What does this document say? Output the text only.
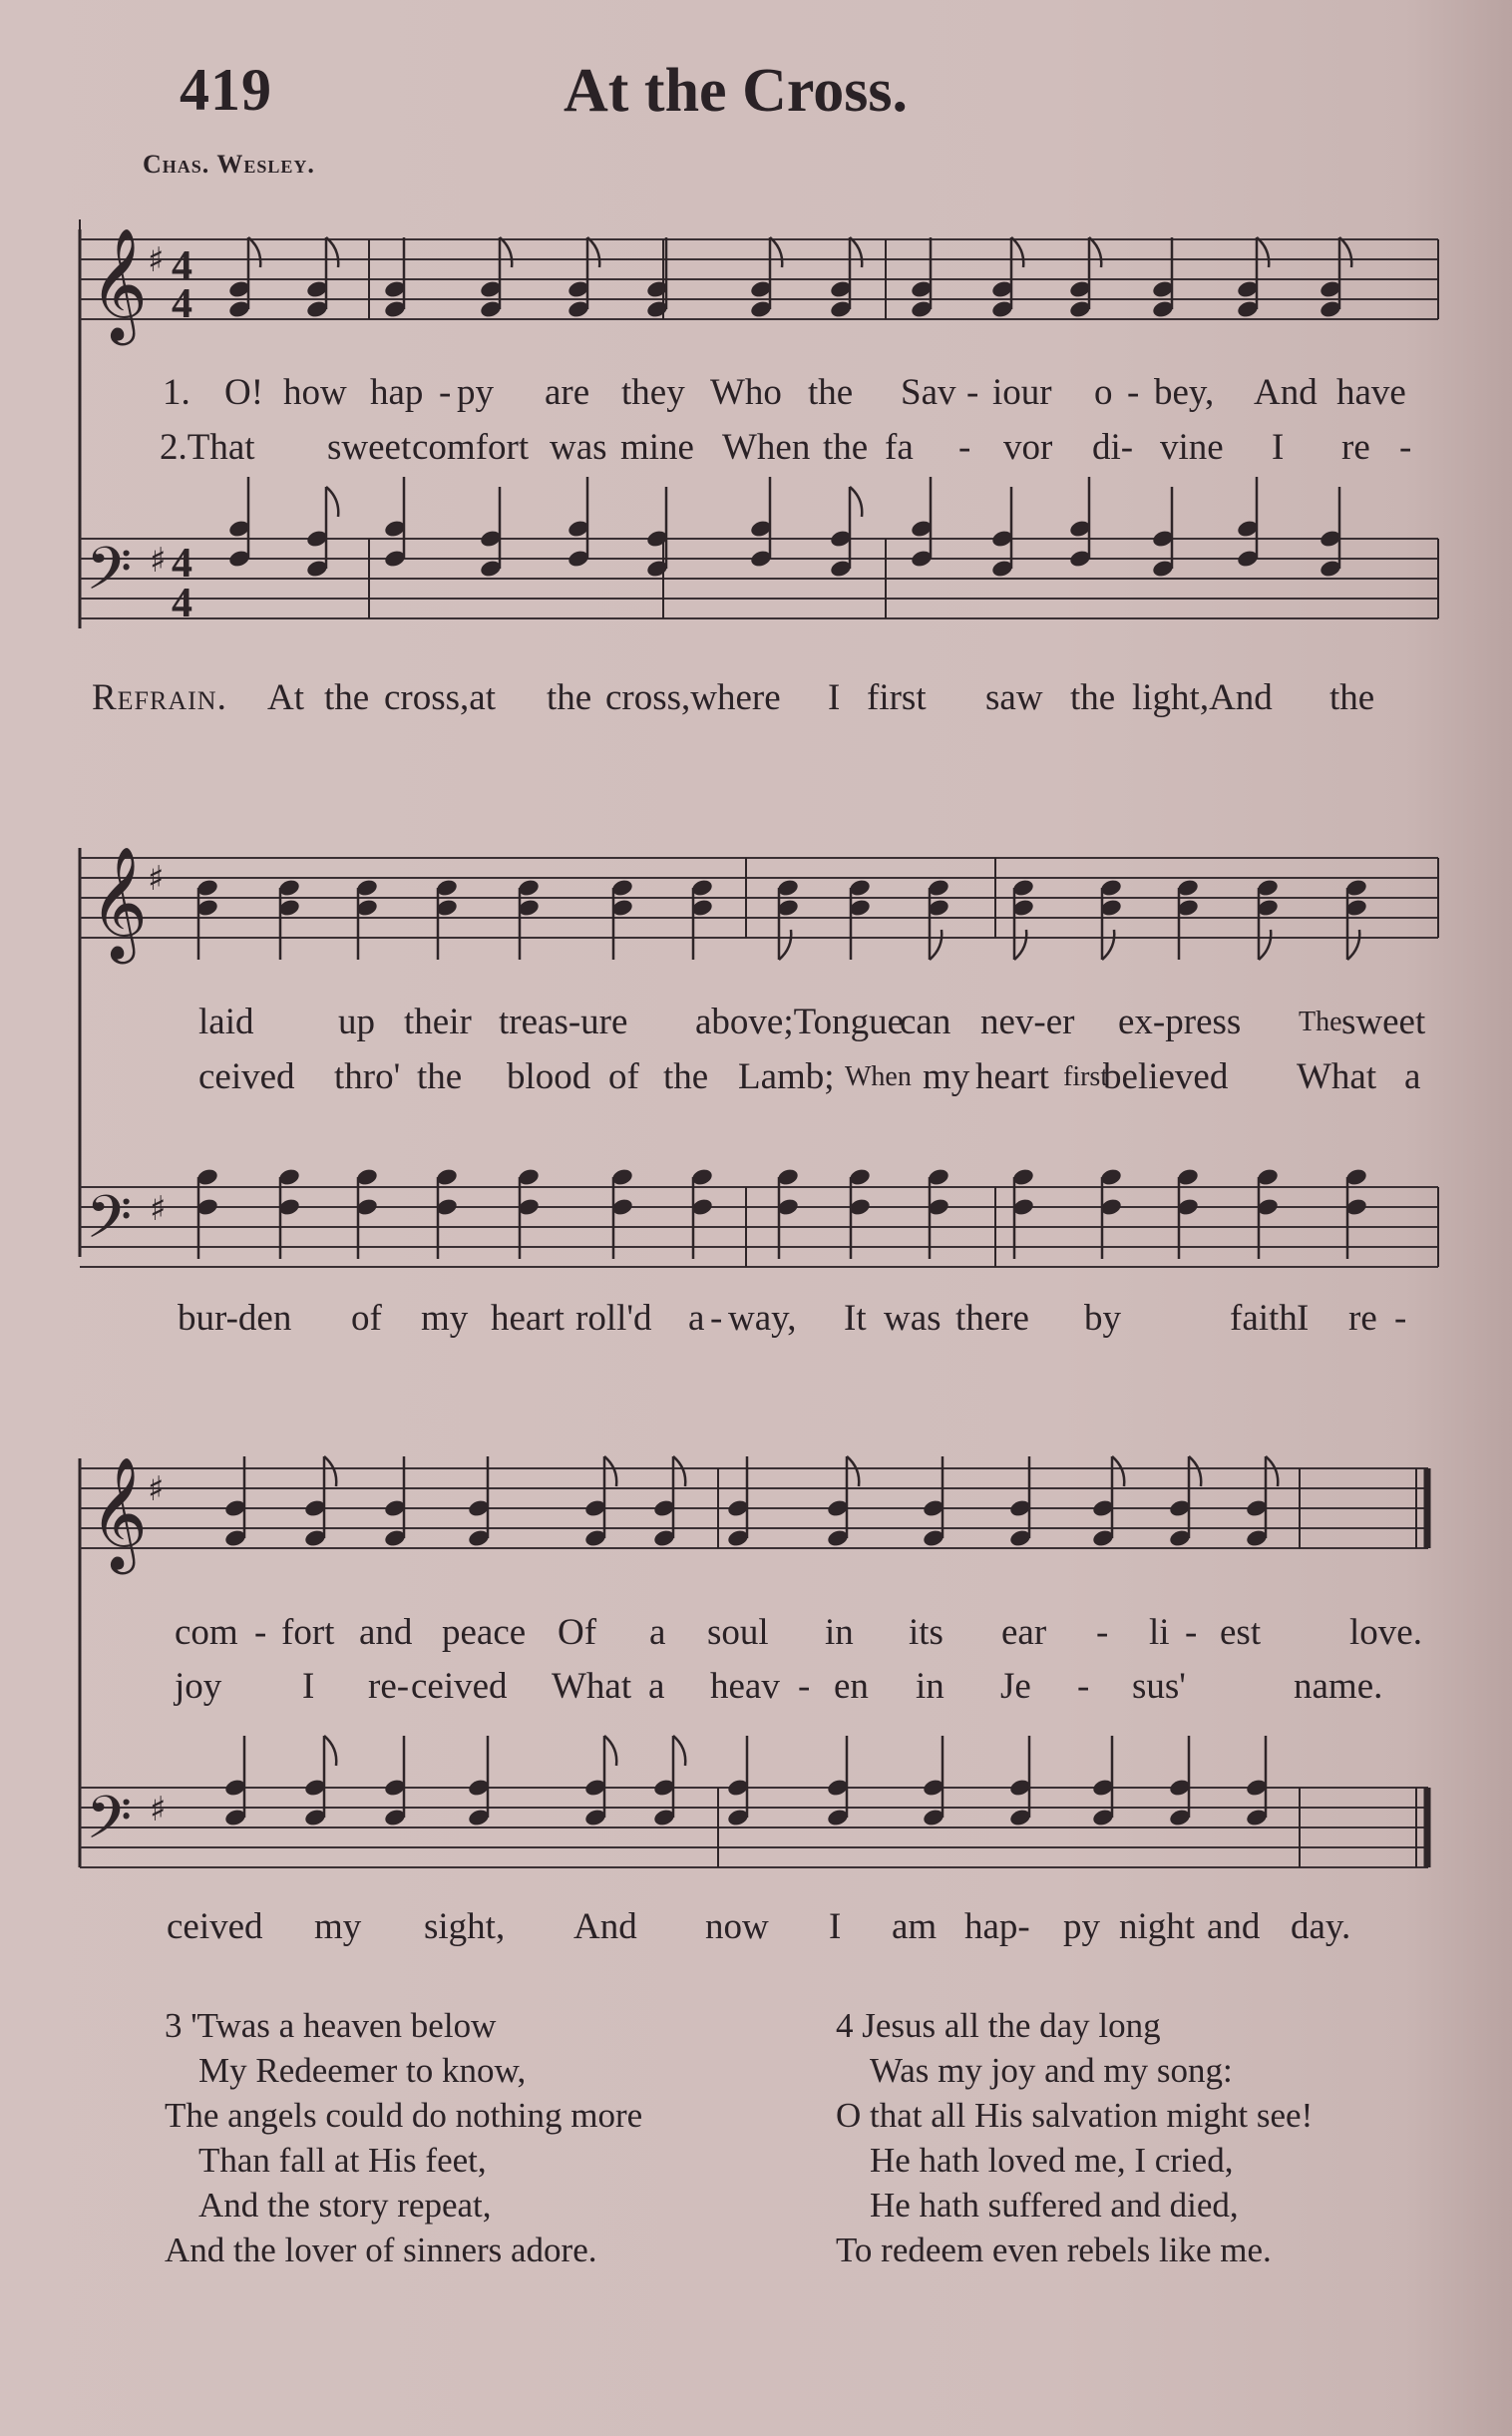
419	At the Cross.
Chas. Wesley.
𝄞
𝄢
♯
♯
4
4
4
4
1. O! how hap - py are they Who the Sav - iour o - bey, And have
2.That sweet comfort was mine When the fa - vor di- vine I re -
Refrain. At the cross,at the cross,where I first saw the light,And the
𝄞
𝄢
♯
♯
laid up their treas-ure above;Tongue
can nev-er ex-press The sweet
ceived thro' the blood of the Lamb; When my heart first
believed What a
bur-den of my heart roll'd a - way, It was there by	faith I re -
𝄞
𝄢
♯
♯
com - fort and peace Of a soul in its ear - li - est love.
joy I re- ceived What a heav - en in Je - sus'	name.
ceived my sight, And now I am hap- py night and day.
3 'Twas a heaven below
My Redeemer to know,
The angels could do nothing more
Than fall at His feet,
And the story repeat,
And the lover of sinners adore.
4 Jesus all the day long
Was my joy and my song:
O that all His salvation might see!
He hath loved me, I cried,
He hath suffered and died,
To redeem even rebels like me.
